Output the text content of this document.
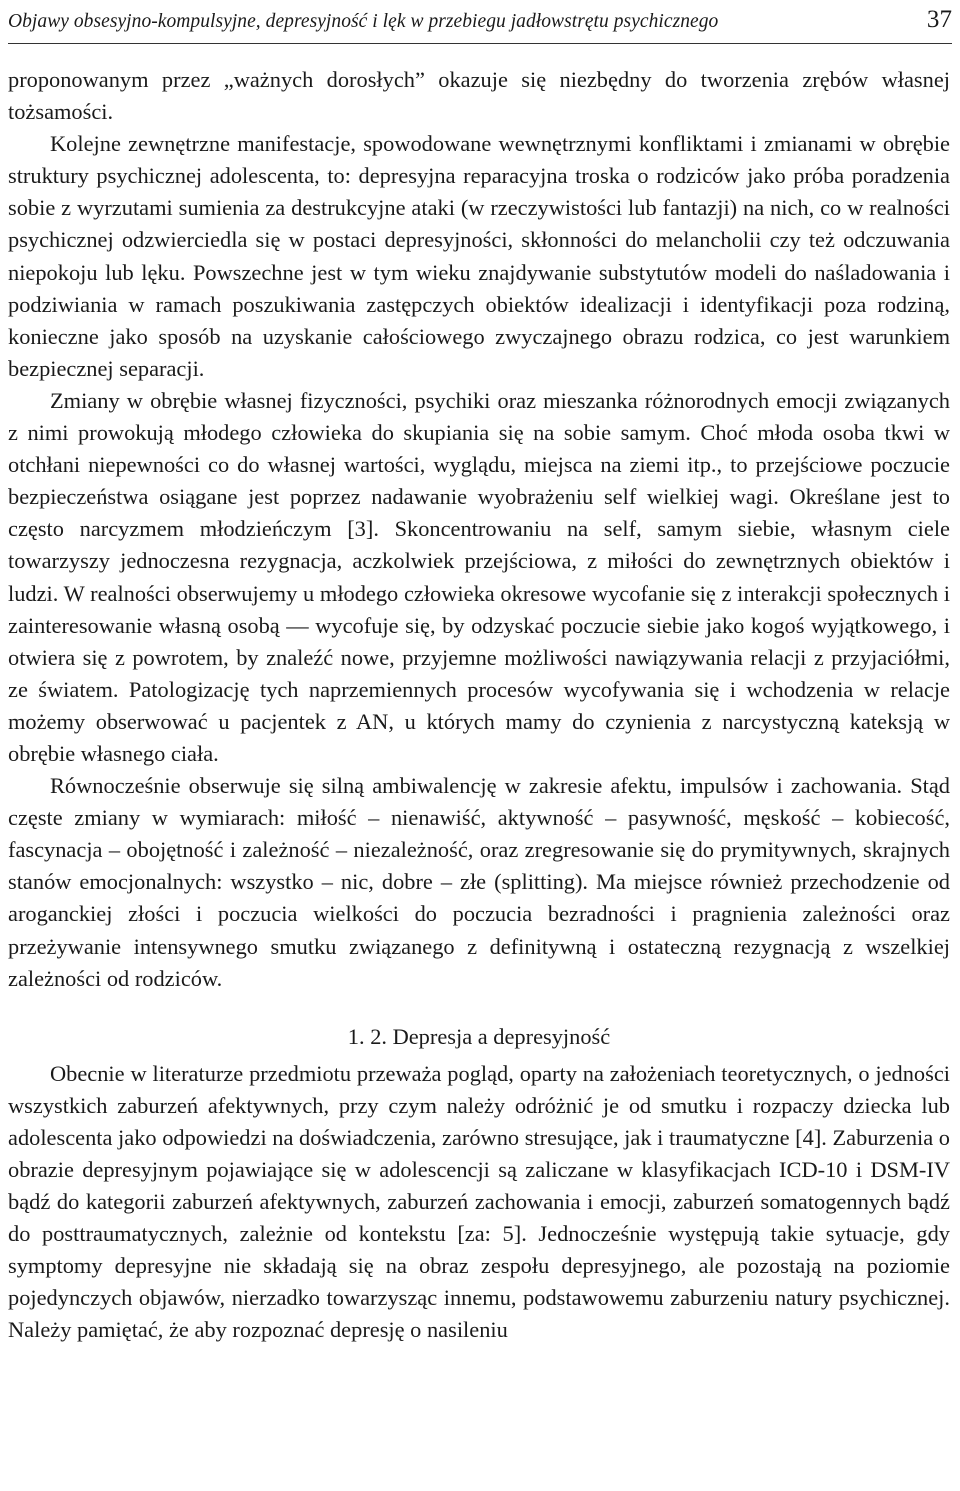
Objawy obsesyjno-kompulsyjne, depresyjność i lęk w przebiegu jadłowstrętu psychicznego	37

proponowanym przez „ważnych dorosłych” okazuje się niezbędny do tworzenia zrębów własnej tożsamości.

Kolejne zewnętrzne manifestacje, spowodowane wewnętrznymi konfliktami i zmianami w obrębie struktury psychicznej adolescenta, to: depresyjna reparacyjna troska o rodziców jako próba poradzenia sobie z wyrzutami sumienia za destrukcyjne ataki (w rzeczywistości lub fantazji) na nich, co w realności psychicznej odzwierciedla się w postaci depresyjności, skłonności do melancholii czy też odczuwania niepokoju lub lęku. Powszechne jest w tym wieku znajdywanie substytutów modeli do naśladowania i podziwiania w ramach poszukiwania zastępczych obiektów idealizacji i identyfikacji poza rodziną, konieczne jako sposób na uzyskanie całościowego zwyczajnego obrazu rodzica, co jest warunkiem bezpiecznej separacji.

Zmiany w obrębie własnej fizyczności, psychiki oraz mieszanka różnorodnych emocji związanych z nimi prowokują młodego człowieka do skupiania się na sobie samym. Choć młoda osoba tkwi w otchłani niepewności co do własnej wartości, wyglądu, miejsca na ziemi itp., to przejściowe poczucie bezpieczeństwa osiągane jest poprzez nadawanie wyobrażeniu self wielkiej wagi. Określane jest to często narcyzmem młodzieńczym [3]. Skoncentrowaniu na self, samym siebie, własnym ciele towarzyszy jednoczesna rezygnacja, aczkolwiek przejściowa, z miłości do zewnętrznych obiektów i ludzi. W realności obserwujemy u młodego człowieka okresowe wycofanie się z interakcji społecznych i zainteresowanie własną osobą — wycofuje się, by odzyskać poczucie siebie jako kogoś wyjątkowego, i otwiera się z powrotem, by znaleźć nowe, przyjemne możliwości nawiązywania relacji z przyjaciółmi, ze światem. Patologizację tych naprzemiennych procesów wycofywania się i wchodzenia w relacje możemy obserwować u pacjentek z AN, u których mamy do czynienia z narcystyczną kateksją w obrębie własnego ciała.

Równocześnie obserwuje się silną ambiwalencję w zakresie afektu, impulsów i zachowania. Stąd częste zmiany w wymiarach: miłość – nienawiść, aktywność – pasywność, męskość – kobiecość, fascynacja – obojętność i zależność – niezależność, oraz zregresowanie się do prymitywnych, skrajnych stanów emocjonalnych: wszystko – nic, dobre – złe (splitting). Ma miejsce również przechodzenie od aroganckiej złości i poczucia wielkości do poczucia bezradności i pragnienia zależności oraz przeżywanie intensywnego smutku związanego z definitywną i ostateczną rezygnacją z wszelkiej zależności od rodziców.

1. 2. Depresja a depresyjność

Obecnie w literaturze przedmiotu przeważa pogląd, oparty na założeniach teoretycznych, o jedności wszystkich zaburzeń afektywnych, przy czym należy odróżnić je od smutku i rozpaczy dziecka lub adolescenta jako odpowiedzi na doświadczenia, zarówno stresujące, jak i traumatyczne [4]. Zaburzenia o obrazie depresyjnym pojawiające się w adolescencji są zaliczane w klasyfikacjach ICD-10 i DSM-IV bądź do kategorii zaburzeń afektywnych, zaburzeń zachowania i emocji, zaburzeń somatogennych bądź do posttraumatycznych, zależnie od kontekstu [za: 5]. Jednocześnie występują takie sytuacje, gdy symptomy depresyjne nie składają się na obraz zespołu depresyjnego, ale pozostają na poziomie pojedynczych objawów, nierzadko towarzysząc innemu, podstawowemu zaburzeniu natury psychicznej. Należy pamiętać, że aby rozpoznać depresję o nasileniu
